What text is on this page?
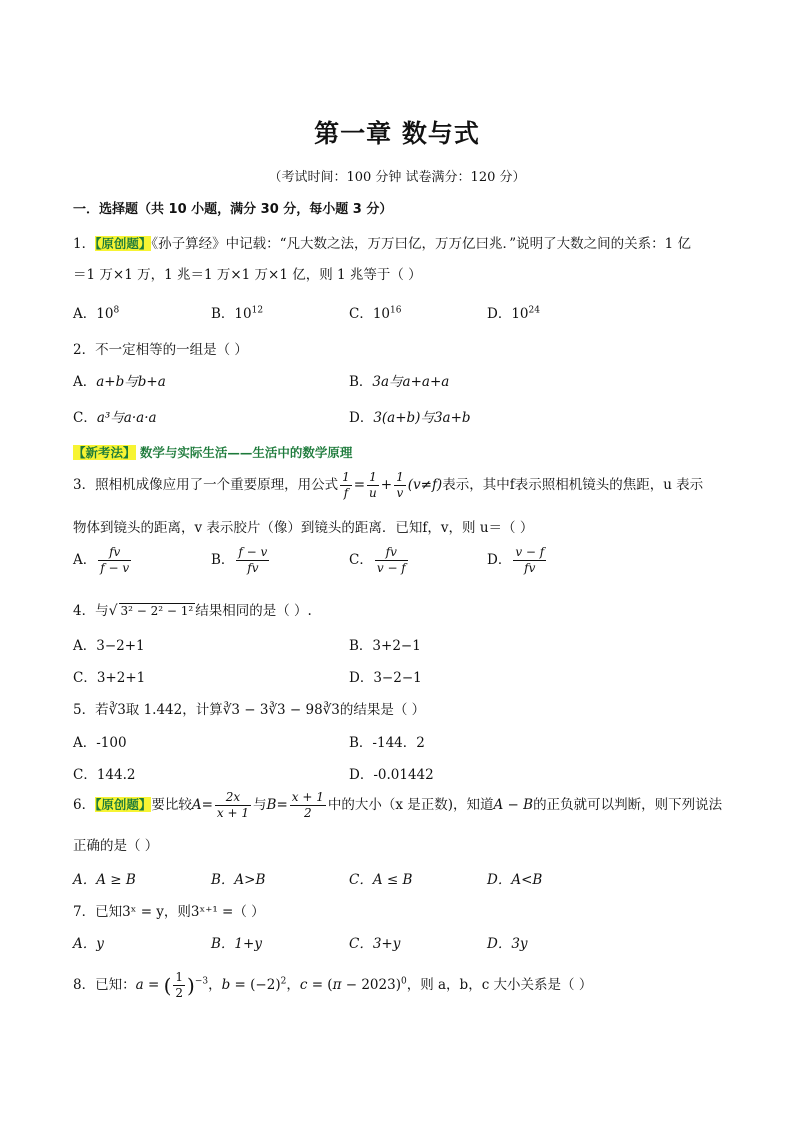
第一章 数与式
（考试时间：100 分钟 试卷满分：120 分）
一．选择题（共 10 小题，满分 30 分，每小题 3 分）
1．【原创题】《孙子算经》中记载：“凡大数之法，万万曰亿，万万亿曰兆．”说明了大数之间的关系：1 亿
＝1 万×1 万，1 兆＝1 万×1 万×1 亿，则 1 兆等于（ ）
A．$10^8$	B．$10^{12}$	C．$10^{16}$	D．$10^{24}$
2．不一定相等的一组是（ ）
A．a+b与b+a	B．3a与a+a+a
C．a³与a·a·a	D．3(a+b)与3a+b
【新考法】 数学与实际生活——生活中的数学原理
3．照相机成像应用了一个重要原理，用公式 $\frac{1}{f} = \frac{1}{u} + \frac{1}{v} (v\ne f)$表示，其中f表示照相机镜头的焦距，u 表示
物体到镜头的距离，v 表示胶片（像）到镜头的距离．已知f，v，则 u＝（ ）
A． $\frac{fv}{f - v}$	B． $\frac{f - v}{fv}$	C． $\frac{fv}{v - f}$	D． $\frac{v - f}{fv}$
4．与√ 3² − 2² − 1² 结果相同的是（ ）.
A．3−2+1	B．3+2−1
C．3+2+1	D．3−2−1
5．若∛3取 1.442，计算∛3 − 3∛3 − 98∛3的结果是（ ）
A．-100	B．-144．2
C．144.2	D．-0.01442
6．【原创题】要比较$A= \frac{2x}{x + 1}$ 与$B= \frac{x + 1}{2}$ 中的大小（x 是正数)，知道A − B的正负就可以判断，则下列说法
正确的是（ ）
A．A ≥ B	B．A>B	C．A ≤ B	D．A<B
7．已知3ˣ = y，则3ˣ⁺¹ =（ ）
A．y	B．1+y	C．3+y	D．3y
8．已知：a = ( $\frac{1}{2} )^{-3}$，$b = (-2)^2$，$c = (\pi - 2023)^0$，则 a，b，c 大小关系是（ ）
